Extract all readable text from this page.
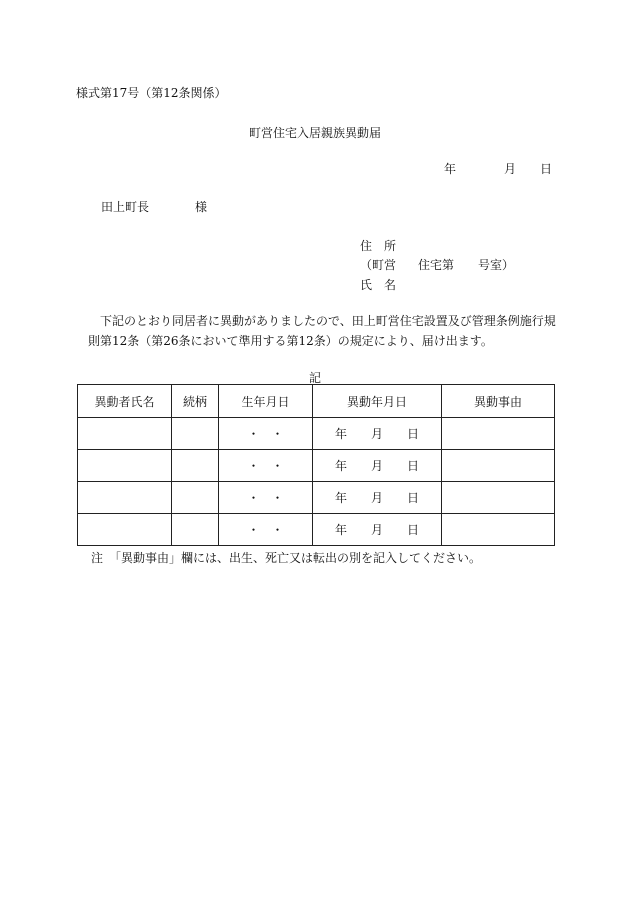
様式第17号（第12条関係）
町営住宅入居親族異動届
年	月 日
田上町長	様
住　所
（町営 住宅第 号室）
氏　名
下記のとおり同居者に異動がありましたので、田上町営住宅設置及び管理条例施行規則第12条（第26条において準用する第12条）の規定により、届け出ます。
記
異動者氏名	続柄	生年月日	異動年月日	異動事由
		・ ・	年 月 日	
		・ ・	年 月 日	
		・ ・	年 月 日	
		・ ・	年 月 日	
注　「異動事由」欄には、出生、死亡又は転出の別を記入してください。
